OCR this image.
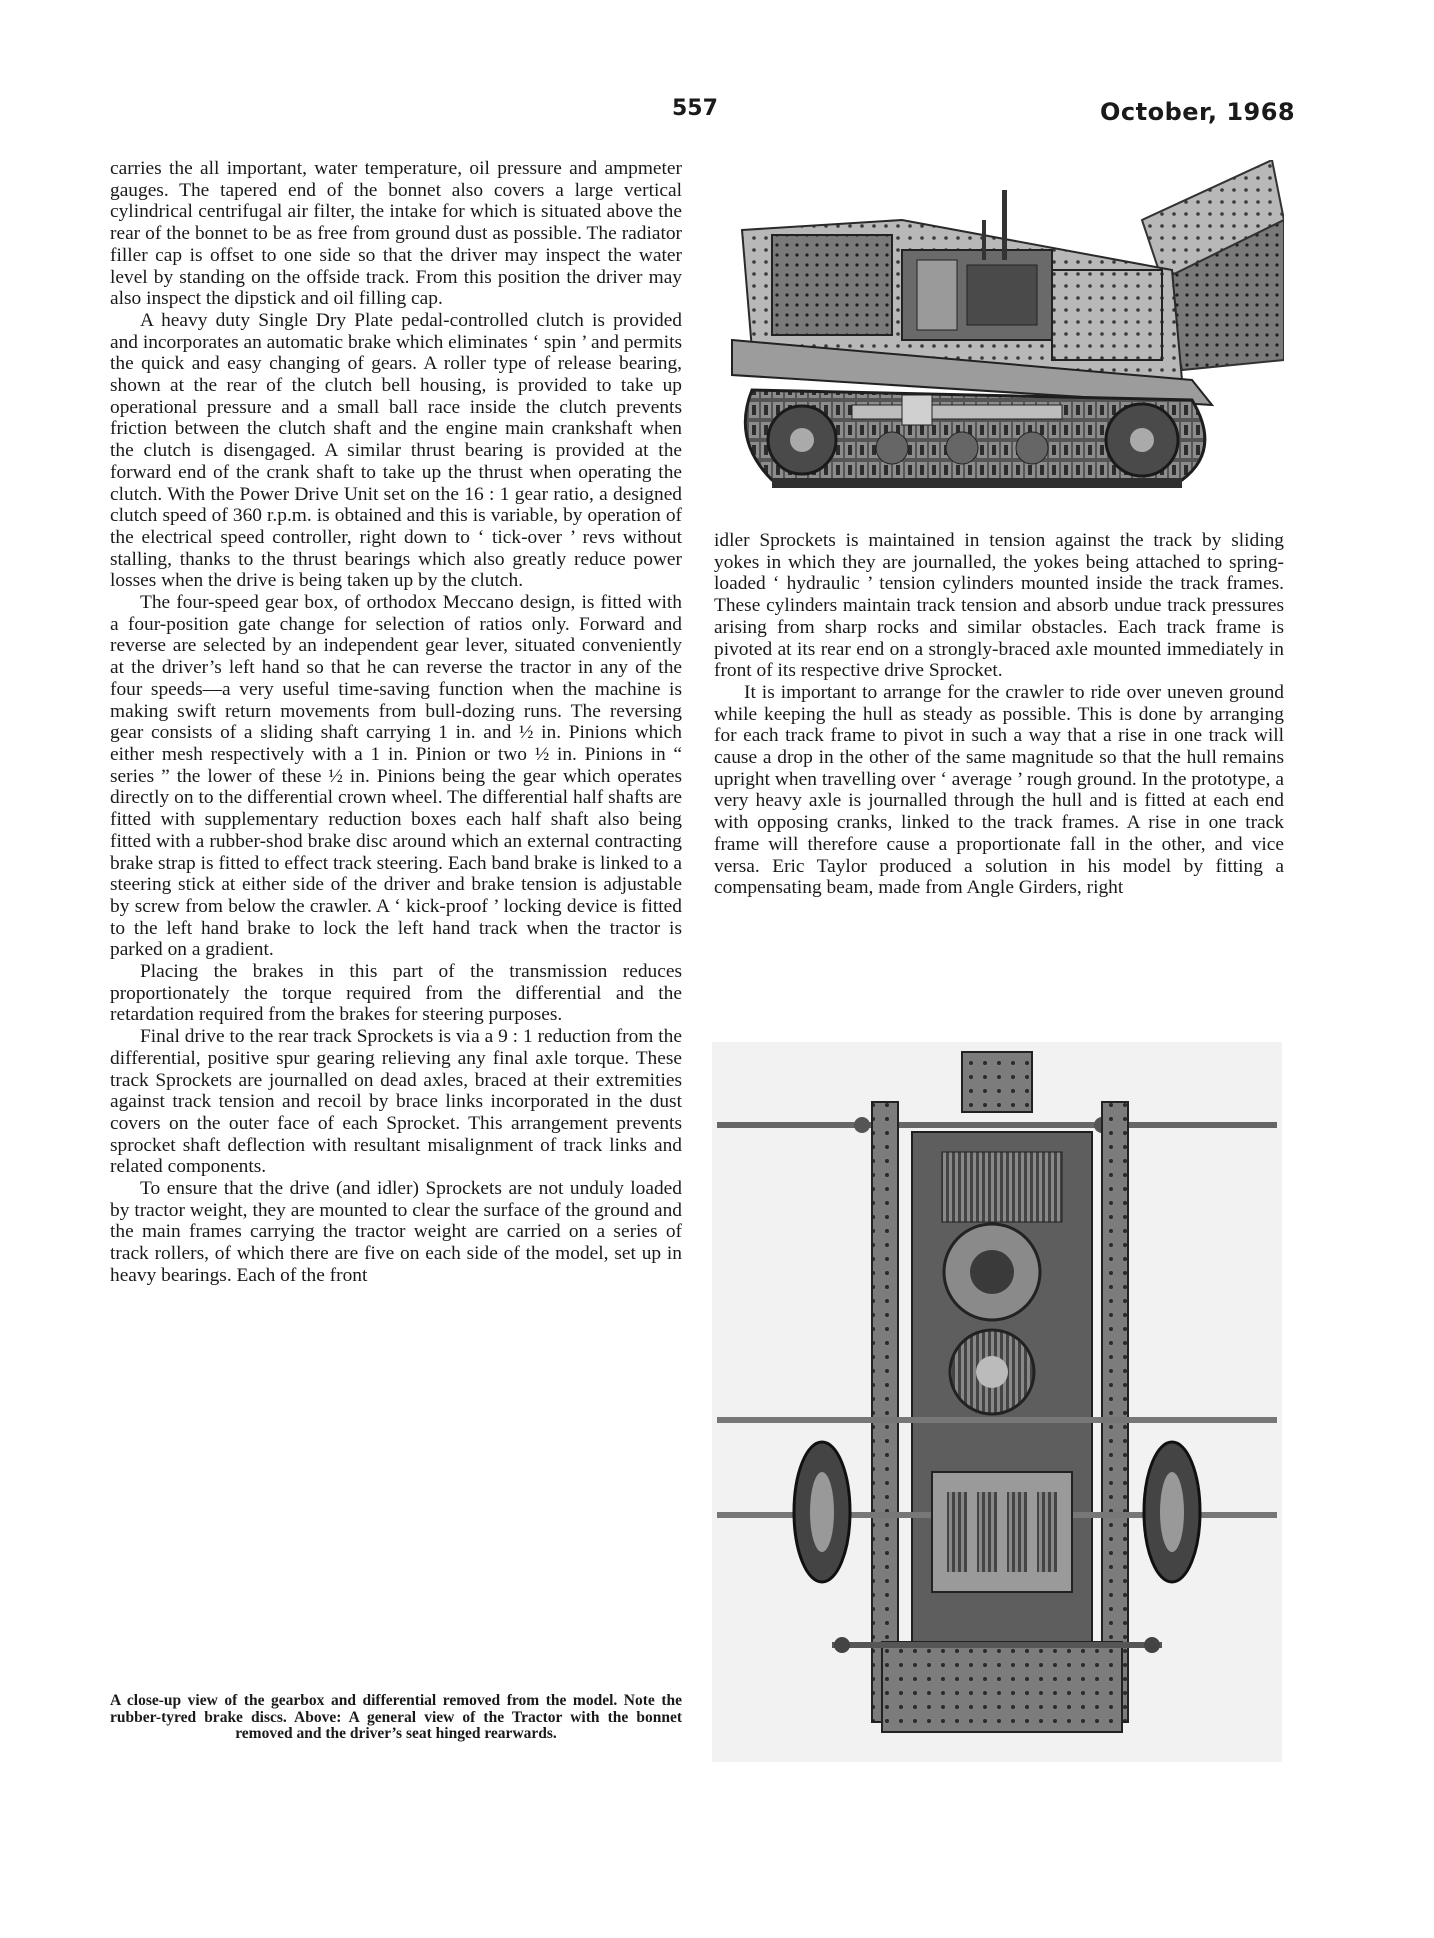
557	October, 1968

carries the all important, water temperature, oil pressure and ampmeter gauges. The tapered end of the bonnet also covers a large vertical cylindrical centrifugal air filter, the intake for which is situated above the rear of the bonnet to be as free from ground dust as possible. The radiator filler cap is offset to one side so that the driver may inspect the water level by standing on the offside track. From this position the driver may also inspect the dipstick and oil filling cap.

A heavy duty Single Dry Plate pedal-controlled clutch is provided and incorporates an automatic brake which eliminates ‘ spin ’ and permits the quick and easy changing of gears. A roller type of release bearing, shown at the rear of the clutch bell housing, is provided to take up operational pressure and a small ball race inside the clutch prevents friction between the clutch shaft and the engine main crankshaft when the clutch is disengaged. A similar thrust bearing is provided at the forward end of the crank shaft to take up the thrust when operating the clutch. With the Power Drive Unit set on the 16 : 1 gear ratio, a designed clutch speed of 360 r.p.m. is obtained and this is variable, by operation of the electrical speed controller, right down to ‘ tick-over ’ revs without stalling, thanks to the thrust bearings which also greatly reduce power losses when the drive is being taken up by the clutch.

The four-speed gear box, of orthodox Meccano design, is fitted with a four-position gate change for selection of ratios only. Forward and reverse are selected by an independent gear lever, situated conveniently at the driver’s left hand so that he can reverse the tractor in any of the four speeds—a very useful time-saving function when the machine is making swift return movements from bull-dozing runs. The reversing gear consists of a sliding shaft carrying 1 in. and ½ in. Pinions which either mesh respectively with a 1 in. Pinion or two ½ in. Pinions in “ series ” the lower of these ½ in. Pinions being the gear which operates directly on to the differential crown wheel. The differential half shafts are fitted with supplementary reduction boxes each half shaft also being fitted with a rubber-shod brake disc around which an external contracting brake strap is fitted to effect track steering. Each band brake is linked to a steering stick at either side of the driver and brake tension is adjustable by screw from below the crawler. A ‘ kick-proof ’ locking device is fitted to the left hand brake to lock the left hand track when the tractor is parked on a gradient.

Placing the brakes in this part of the transmission reduces proportionately the torque required from the differential and the retardation required from the brakes for steering purposes.

Final drive to the rear track Sprockets is via a 9 : 1 reduction from the differential, positive spur gearing relieving any final axle torque. These track Sprockets are journalled on dead axles, braced at their extremities against track tension and recoil by brace links incorporated in the dust covers on the outer face of each Sprocket. This arrangement prevents sprocket shaft deflection with resultant misalignment of track links and related components.

To ensure that the drive (and idler) Sprockets are not unduly loaded by tractor weight, they are mounted to clear the surface of the ground and the main frames carrying the tractor weight are carried on a series of track rollers, of which there are five on each side of the model, set up in heavy bearings. Each of the front

A close-up view of the gearbox and differential removed from the model. Note the rubber-tyred brake discs. Above: A general view of the Tractor with the bonnet removed and the driver’s seat hinged rearwards.

idler Sprockets is maintained in tension against the track by sliding yokes in which they are journalled, the yokes being attached to spring-loaded ‘ hydraulic ’ tension cylinders mounted inside the track frames. These cylinders maintain track tension and absorb undue track pressures arising from sharp rocks and similar obstacles. Each track frame is pivoted at its rear end on a strongly-braced axle mounted immediately in front of its respective drive Sprocket.

It is important to arrange for the crawler to ride over uneven ground while keeping the hull as steady as possible. This is done by arranging for each track frame to pivot in such a way that a rise in one track will cause a drop in the other of the same magnitude so that the hull remains upright when travelling over ‘ average ’ rough ground. In the prototype, a very heavy axle is journalled through the hull and is fitted at each end with opposing cranks, linked to the track frames. A rise in one track frame will therefore cause a proportionate fall in the other, and vice versa. Eric Taylor produced a solution in his model by fitting a compensating beam, made from Angle Girders, right
